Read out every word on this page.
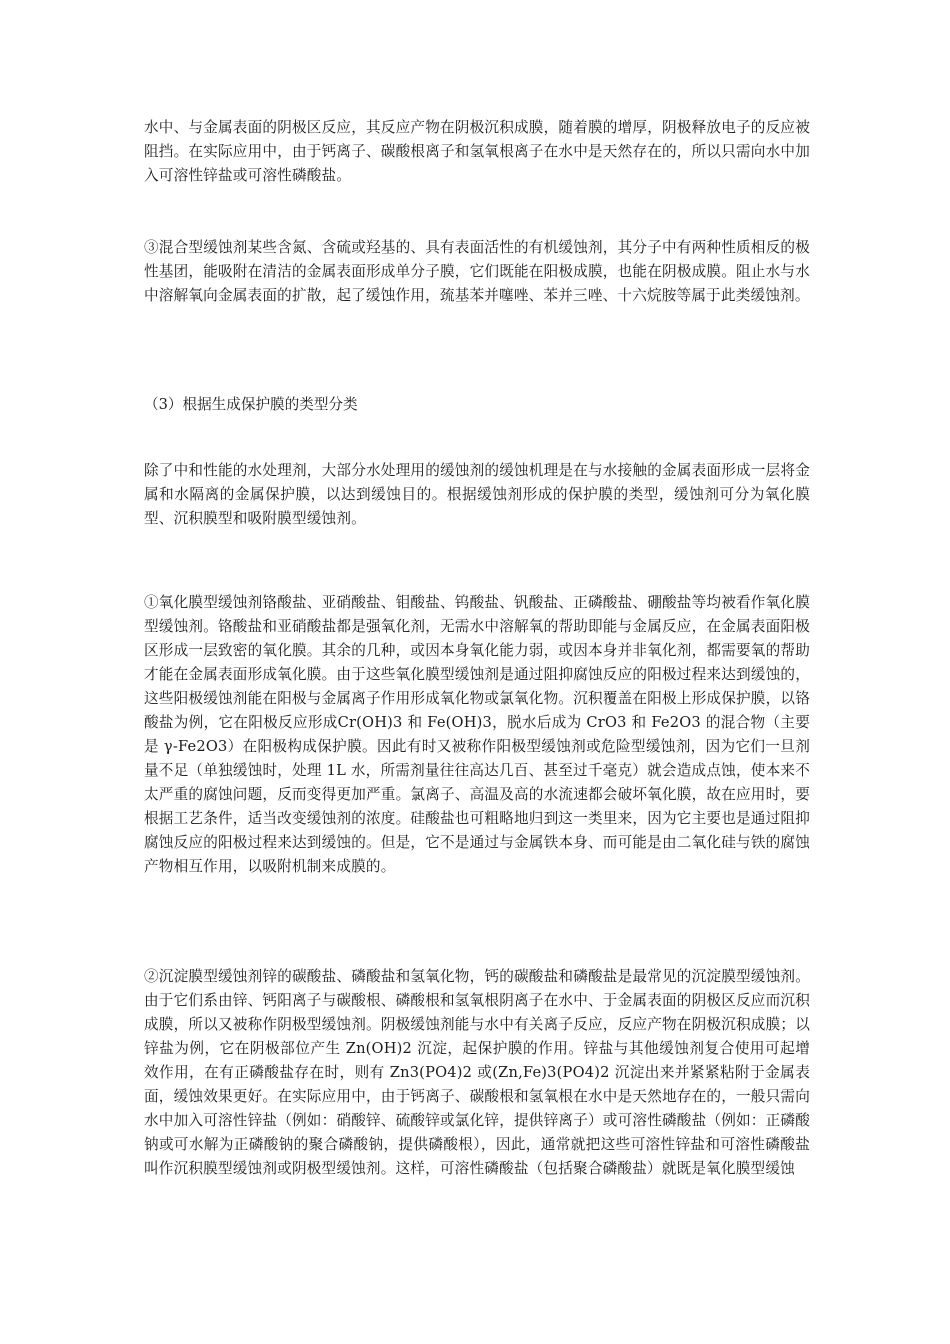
水中、与金属表面的阴极区反应，其反应产物在阴极沉积成膜，随着膜的增厚，阴极释放电子的反应被阻挡。在实际应用中，由于钙离子、碳酸根离子和氢氧根离子在水中是天然存在的，所以只需向水中加入可溶性锌盐或可溶性磷酸盐。

③混合型缓蚀剂某些含氮、含硫或羟基的、具有表面活性的有机缓蚀剂，其分子中有两种性质相反的极性基团，能吸附在清洁的金属表面形成单分子膜，它们既能在阳极成膜，也能在阴极成膜。阻止水与水中溶解氧向金属表面的扩散，起了缓蚀作用，巯基苯并噻唑、苯并三唑、十六烷胺等属于此类缓蚀剂。

（3）根据生成保护膜的类型分类

除了中和性能的水处理剂，大部分水处理用的缓蚀剂的缓蚀机理是在与水接触的金属表面形成一层将金属和水隔离的金属保护膜，以达到缓蚀目的。根据缓蚀剂形成的保护膜的类型，缓蚀剂可分为氧化膜型、沉积膜型和吸附膜型缓蚀剂。

①氧化膜型缓蚀剂铬酸盐、亚硝酸盐、钼酸盐、钨酸盐、钒酸盐、正磷酸盐、硼酸盐等均被看作氧化膜型缓蚀剂。铬酸盐和亚硝酸盐都是强氧化剂，无需水中溶解氧的帮助即能与金属反应，在金属表面阳极区形成一层致密的氧化膜。其余的几种，或因本身氧化能力弱，或因本身并非氧化剂，都需要氧的帮助才能在金属表面形成氧化膜。由于这些氧化膜型缓蚀剂是通过阻抑腐蚀反应的阳极过程来达到缓蚀的，这些阳极缓蚀剂能在阳极与金属离子作用形成氧化物或氯氧化物。沉积覆盖在阳极上形成保护膜，以铬酸盐为例，它在阳极反应形成Cr(OH)3 和 Fe(OH)3，脱水后成为 CrO3 和 Fe2O3 的混合物（主要是 γ-Fe2O3）在阳极构成保护膜。因此有时又被称作阳极型缓蚀剂或危险型缓蚀剂，因为它们一旦剂量不足（单独缓蚀时，处理 1L 水，所需剂量往往高达几百、甚至过千毫克）就会造成点蚀，使本来不太严重的腐蚀问题，反而变得更加严重。氯离子、高温及高的水流速都会破坏氧化膜，故在应用时，要根据工艺条件，适当改变缓蚀剂的浓度。硅酸盐也可粗略地归到这一类里来，因为它主要也是通过阻抑腐蚀反应的阳极过程来达到缓蚀的。但是，它不是通过与金属铁本身、而可能是由二氧化硅与铁的腐蚀产物相互作用，以吸附机制来成膜的。

②沉淀膜型缓蚀剂锌的碳酸盐、磷酸盐和氢氧化物，钙的碳酸盐和磷酸盐是最常见的沉淀膜型缓蚀剂。由于它们系由锌、钙阳离子与碳酸根、磷酸根和氢氧根阴离子在水中、于金属表面的阴极区反应而沉积成膜，所以又被称作阴极型缓蚀剂。阴极缓蚀剂能与水中有关离子反应，反应产物在阴极沉积成膜；以锌盐为例，它在阴极部位产生 Zn(OH)2 沉淀，起保护膜的作用。锌盐与其他缓蚀剂复合使用可起增效作用，在有正磷酸盐存在时，则有 Zn3(PO4)2 或(Zn,Fe)3(PO4)2 沉淀出来并紧紧粘附于金属表面，缓蚀效果更好。在实际应用中，由于钙离子、碳酸根和氢氧根在水中是天然地存在的，一般只需向水中加入可溶性锌盐（例如：硝酸锌、硫酸锌或氯化锌，提供锌离子）或可溶性磷酸盐（例如：正磷酸钠或可水解为正磷酸钠的聚合磷酸钠，提供磷酸根），因此，通常就把这些可溶性锌盐和可溶性磷酸盐叫作沉积膜型缓蚀剂或阴极型缓蚀剂。这样，可溶性磷酸盐（包括聚合磷酸盐）就既是氧化膜型缓蚀
